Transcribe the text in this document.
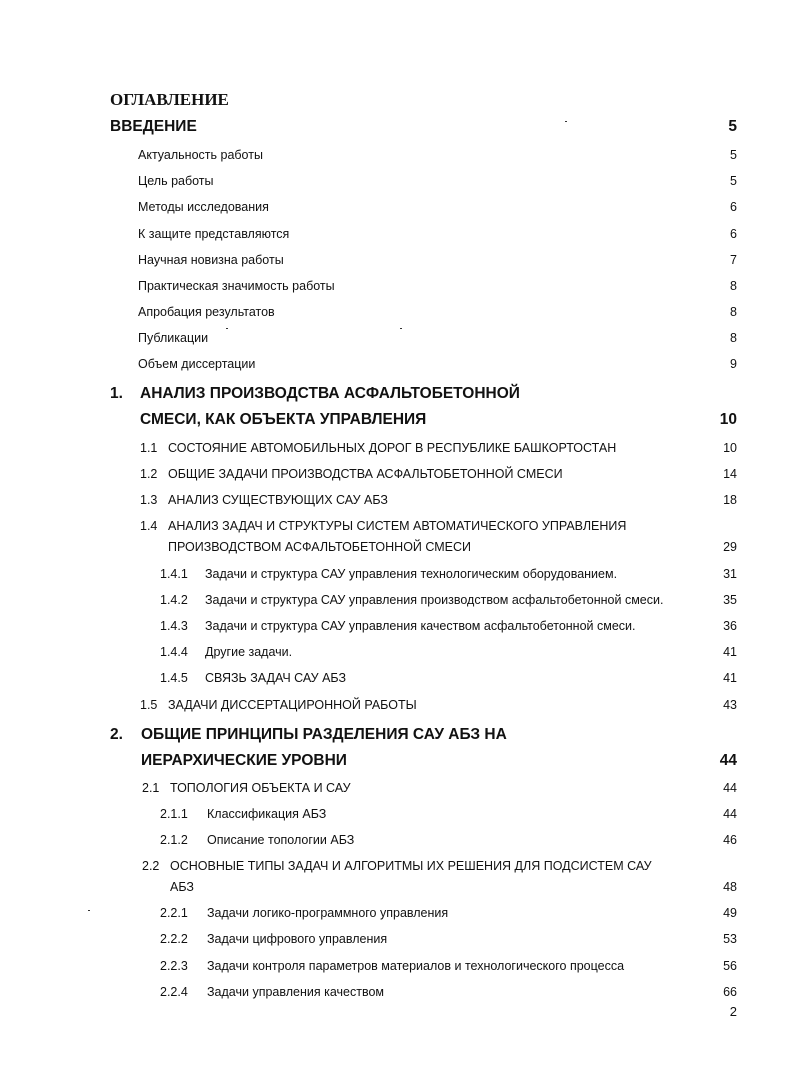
ОГЛАВЛЕНИЕ
ВВЕДЕНИЕ	5
Актуальность работы	5
Цель работы	5
Методы исследования	6
К защите представляются	6
Научная новизна работы	7
Практическая значимость работы	8
Апробация результатов	8
Публикации	8
Объем диссертации	9
1. АНАЛИЗ ПРОИЗВОДСТВА АСФАЛЬТОБЕТОННОЙ
СМЕСИ, КАК ОБЪЕКТА УПРАВЛЕНИЯ	10
1.1 СОСТОЯНИЕ АВТОМОБИЛЬНЫХ ДОРОГ В РЕСПУБЛИКЕ БАШКОРТОСТАН	10
1.2 ОБЩИЕ ЗАДАЧИ ПРОИЗВОДСТВА АСФАЛЬТОБЕТОННОЙ СМЕСИ	14
1.3 АНАЛИЗ СУЩЕСТВУЮЩИХ САУ АБЗ	18
1.4 АНАЛИЗ ЗАДАЧ И СТРУКТУРЫ СИСТЕМ АВТОМАТИЧЕСКОГО УПРАВЛЕНИЯ
ПРОИЗВОДСТВОМ АСФАЛЬТОБЕТОННОЙ СМЕСИ	29
1.4.1 Задачи и структура САУ управления технологическим оборудованием.	31
1.4.2 Задачи и структура САУ управления производством асфальтобетонной смеси.	35
1.4.3 Задачи и структура САУ управления качеством асфальтобетонной смеси.	36
1.4.4 Другие задачи.	41
1.4.5 СВЯЗЬ ЗАДАЧ САУ АБЗ	41
1.5 ЗАДАЧИ ДИССЕРТАЦИРОННОЙ РАБОТЫ	43
2. ОБЩИЕ ПРИНЦИПЫ РАЗДЕЛЕНИЯ САУ АБЗ НА
ИЕРАРХИЧЕСКИЕ УРОВНИ	44
2.1 ТОПОЛОГИЯ ОБЪЕКТА И САУ	44
2.1.1 Классификация АБЗ	44
2.1.2 Описание топологии АБЗ	46
2.2 ОСНОВНЫЕ ТИПЫ ЗАДАЧ И АЛГОРИТМЫ ИХ РЕШЕНИЯ ДЛЯ ПОДСИСТЕМ САУ
АБЗ	48
2.2.1 Задачи логико-программного управления	49
2.2.2 Задачи цифрового управления	53
2.2.3 Задачи контроля параметров материалов и технологического процесса	56
2.2.4 Задачи управления качеством	66
2
